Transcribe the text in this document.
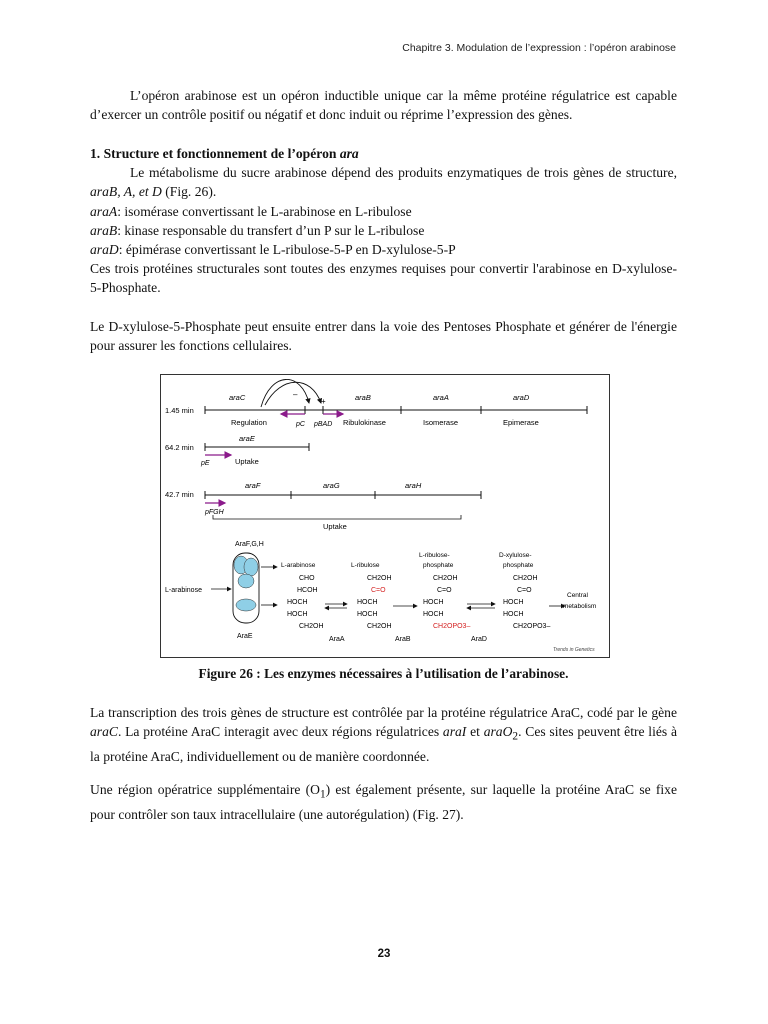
Chapitre 3. Modulation de l’expression : l’opéron arabinose

L’opéron arabinose est un opéron inductible unique car la même protéine régulatrice est capable d’exercer un contrôle positif ou négatif et donc induit ou réprime l’expression des gènes.

1. Structure et fonctionnement de l’opéron ara

Le métabolisme du sucre arabinose dépend des produits enzymatiques de trois gènes de structure, araB, A, et D (Fig. 26).

araA: isomérase convertissant le L-arabinose en L-ribulose

araB: kinase responsable du transfert d’un P sur le L-ribulose

araD: épimérase convertissant le L-ribulose-5-P en D-xylulose-5-P

Ces trois protéines structurales sont toutes des enzymes requises pour convertir l'arabinose en D-xylulose-5-Phosphate.

Le D-xylulose-5-Phosphate peut ensuite entrer dans la voie des Pentoses Phosphate et générer de l'énergie pour assurer les fonctions cellulaires.

1.45 min
araC	araB	araA	araD
Regulation	Ribulokinase	Isomerase	Epimerase
–
+
pC pBAD
64.2 min
araE
pE	Uptake
42.7 min
araF	araG	araH
pFGH
Uptake
AraF,G,H
L-arabinose
AraE
L-arabinose
CHO
HCOH
HOCH
HOCH
CH2OH
L-ribulose
CH2OH
C=O
HOCH
HOCH
CH2OH
L-ribulose-
phosphate
CH2OH
C=O
HOCH
HOCH
CH2OPO3–
D-xylulose-
phosphate
CH2OH
C=O
HOCH
HOCH
CH2OPO3–
Central
metabolism
AraA	AraB	AraD
Trends in Genetics
Figure 26 : Les enzymes nécessaires à l’utilisation de l’arabinose.

La transcription des trois gènes de structure est contrôlée par la protéine régulatrice AraC, codé par le gène araC. La protéine AraC interagit avec deux régions régulatrices araI et araO$_2$. Ces sites peuvent être liés à la protéine AraC, individuellement ou de manière coordonnée.

Une région opératrice supplémentaire $(O_1)$ est également présente, sur laquelle la protéine AraC se fixe pour contrôler son taux intracellulaire (une autorégulation) (Fig. 27).

23
